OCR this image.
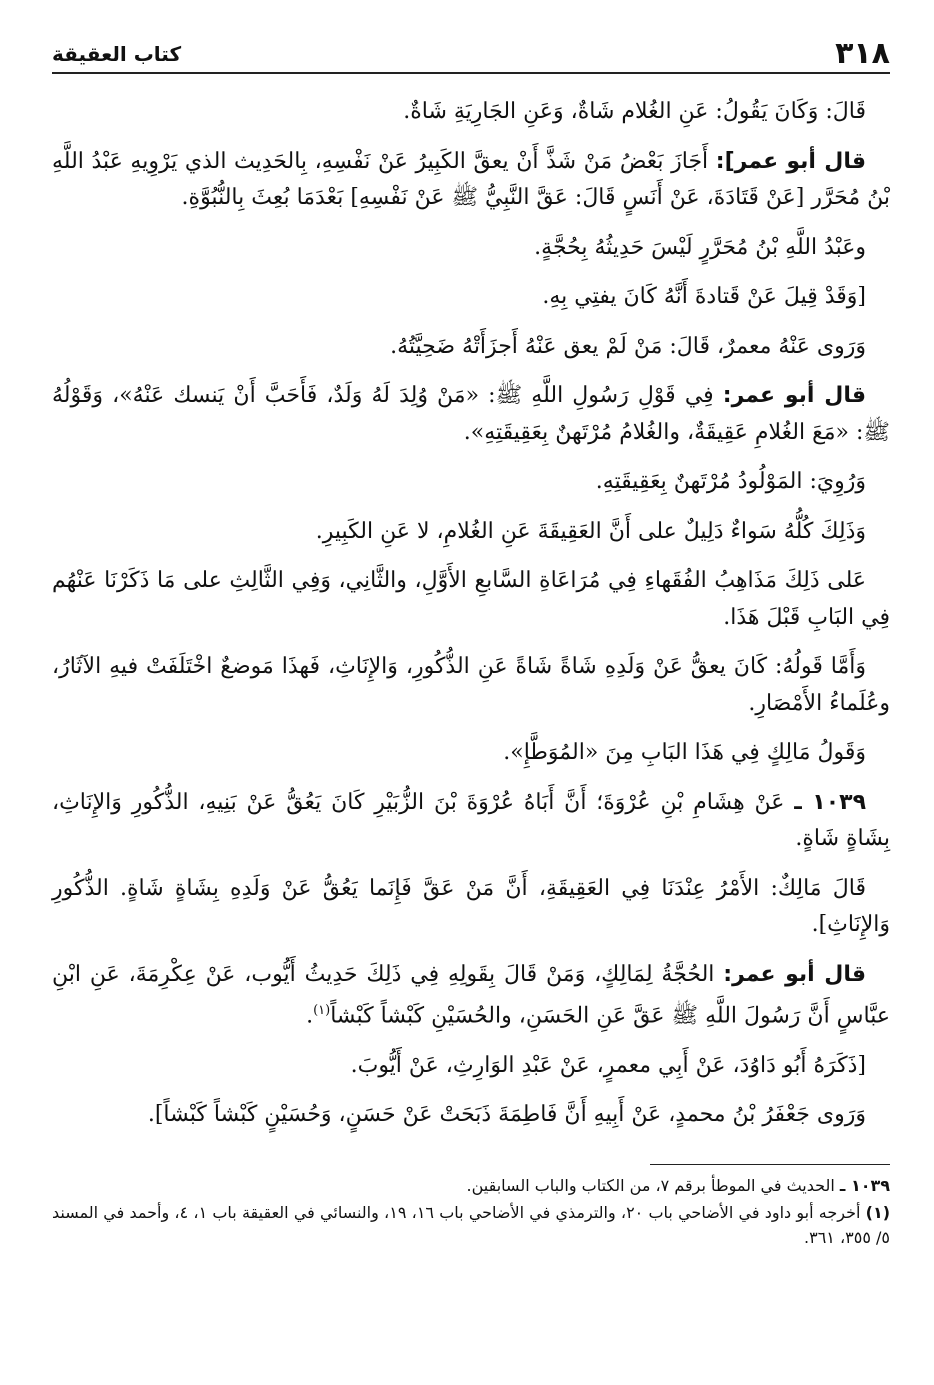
٣١٨
كتاب العقيقة

قَالَ: وَكَانَ يَقُولُ: عَنِ الغُلام شَاةٌ، وَعَنِ الجَارِيَةِ شَاةٌ.

قال أبو عمر]: أَجَازَ بَعْضُ مَنْ شَذَّ أَنْ يعقَّ الكَبِيرُ عَنْ نَفْسِهِ، بِالحَدِيث الذي يَرْوِيهِ عَبْدُ اللَّهِ بْنُ مُحَرَّر [عَنْ قَتَادَةَ، عَنْ أَنَسٍ قَالَ: عَقَّ النَّبِيُّ ﷺ عَنْ نَفْسِهِ] بَعْدَمَا بُعِثَ بِالنُّبُوَّةِ.

وعَبْدُ اللَّهِ بْنُ مُحَرَّرٍ لَيْسَ حَدِيثُهُ بِحُجَّةٍ.

[وَقَدْ قِيلَ عَنْ قَتادةَ أَنَّهُ كَانَ يفتِي بِهِ.

وَرَوى عَنْهُ معمرٌ، قَالَ: مَنْ لَمْ يعق عَنْهُ أَجزَأَتْهُ ضَحِيَّتُهُ.

قال أبو عمر: فِي قَوْلِ رَسُولِ اللَّهِ ﷺ: «مَنْ وُلِدَ لَهُ وَلَدٌ، فَأَحَبَّ أَنْ يَنسك عَنْهُ»، وَقَوْلُهُ ﷺ: «مَعَ الغُلامِ عَقِيقَةٌ، والغُلامُ مُرْتَهنٌ بِعَقِيقَتِهِ».

وَرُوِيَ: المَوْلُودُ مُرْتَهنٌ بِعَقِيقَتِهِ.

وَذَلِكَ كُلُّهُ سَواءٌ دَلِيلٌ على أَنَّ العَقِيقَةَ عَنِ الغُلامِ، لا عَنِ الكَبِيرِ.

عَلى ذَلِكَ مَذَاهِبُ الفُقَهاءِ فِي مُرَاعَاةِ السَّابعِ الأَوَّلِ، والثَّانِي، وَفِي الثَّالِثِ على مَا ذَكَرْنَا عَنْهُم فِي البَابِ قَبْلَ هَذَا.

وَأَمَّا قَولُهُ: كَانَ يعقُّ عَنْ وَلَدِهِ شَاةً شَاةً عَنِ الذُّكُورِ، وَالإِنَاثِ، فَهذَا مَوضعٌ اخْتَلَفَتْ فيهِ الآثَارُ، وعُلَماءُ الأَمْصَارِ.

وَقَولُ مَالِكٍ فِي هَذَا البَابِ مِنَ «المُوَطَّإِ».

١٠٣٩ ـ عَنْ هِشَامِ بْنِ عُرْوَةَ؛ أَنَّ أَبَاهُ عُرْوَةَ بْنَ الزُّبَيْرِ كَانَ يَعُقُّ عَنْ بَنِيهِ، الذُّكُورِ وَالإِنَاثِ، بِشَاةٍ شَاةٍ.

قَالَ مَالِكٌ: الأَمْرُ عِنْدَنَا فِي العَقِيقَةِ، أَنَّ مَنْ عَقَّ فَإِنَما يَعُقُّ عَنْ وَلَدِهِ بِشَاةٍ شَاةٍ. الذُّكُورِ وَالإِنَاثِ].

قال أبو عمر: الحُجَّةُ لِمَالِكٍ، وَمَنْ قَالَ بِقَولِهِ فِي ذَلِكَ حَدِيثُ أَيُّوب، عَنْ عِكْرِمَةَ، عَنِ ابْنِ عبَّاسٍ أَنَّ رَسُولَ اللَّهِ ﷺ عَقَّ عَنِ الحَسَنِ، والحُسَيْنِ كَبْشاً كَبْشاً$^{(١)}$.

[ذَكَرَهُ أَبُو دَاوُدَ، عَنْ أَبِي معمرٍ، عَنْ عَبْدِ الوَارِثِ، عَنْ أَيُّوبَ.

وَرَوى جَعْفَرُ بْنُ محمدٍ، عَنْ أَبِيهِ أَنَّ فَاطِمَةَ ذَبَحَتْ عَنْ حَسَنٍ، وَحُسَيْنٍ كَبْشاً كَبْشاً].

١٠٣٩ ـ الحديث في الموطأ برقم ٧، من الكتاب والباب السابقين.

(١) أخرجه أبو داود في الأضاحي باب ٢٠، والترمذي في الأضاحي باب ١٦، ١٩، والنسائي في العقيقة باب ١، ٤، وأحمد في المسند ٥/ ٣٥٥، ٣٦١.
